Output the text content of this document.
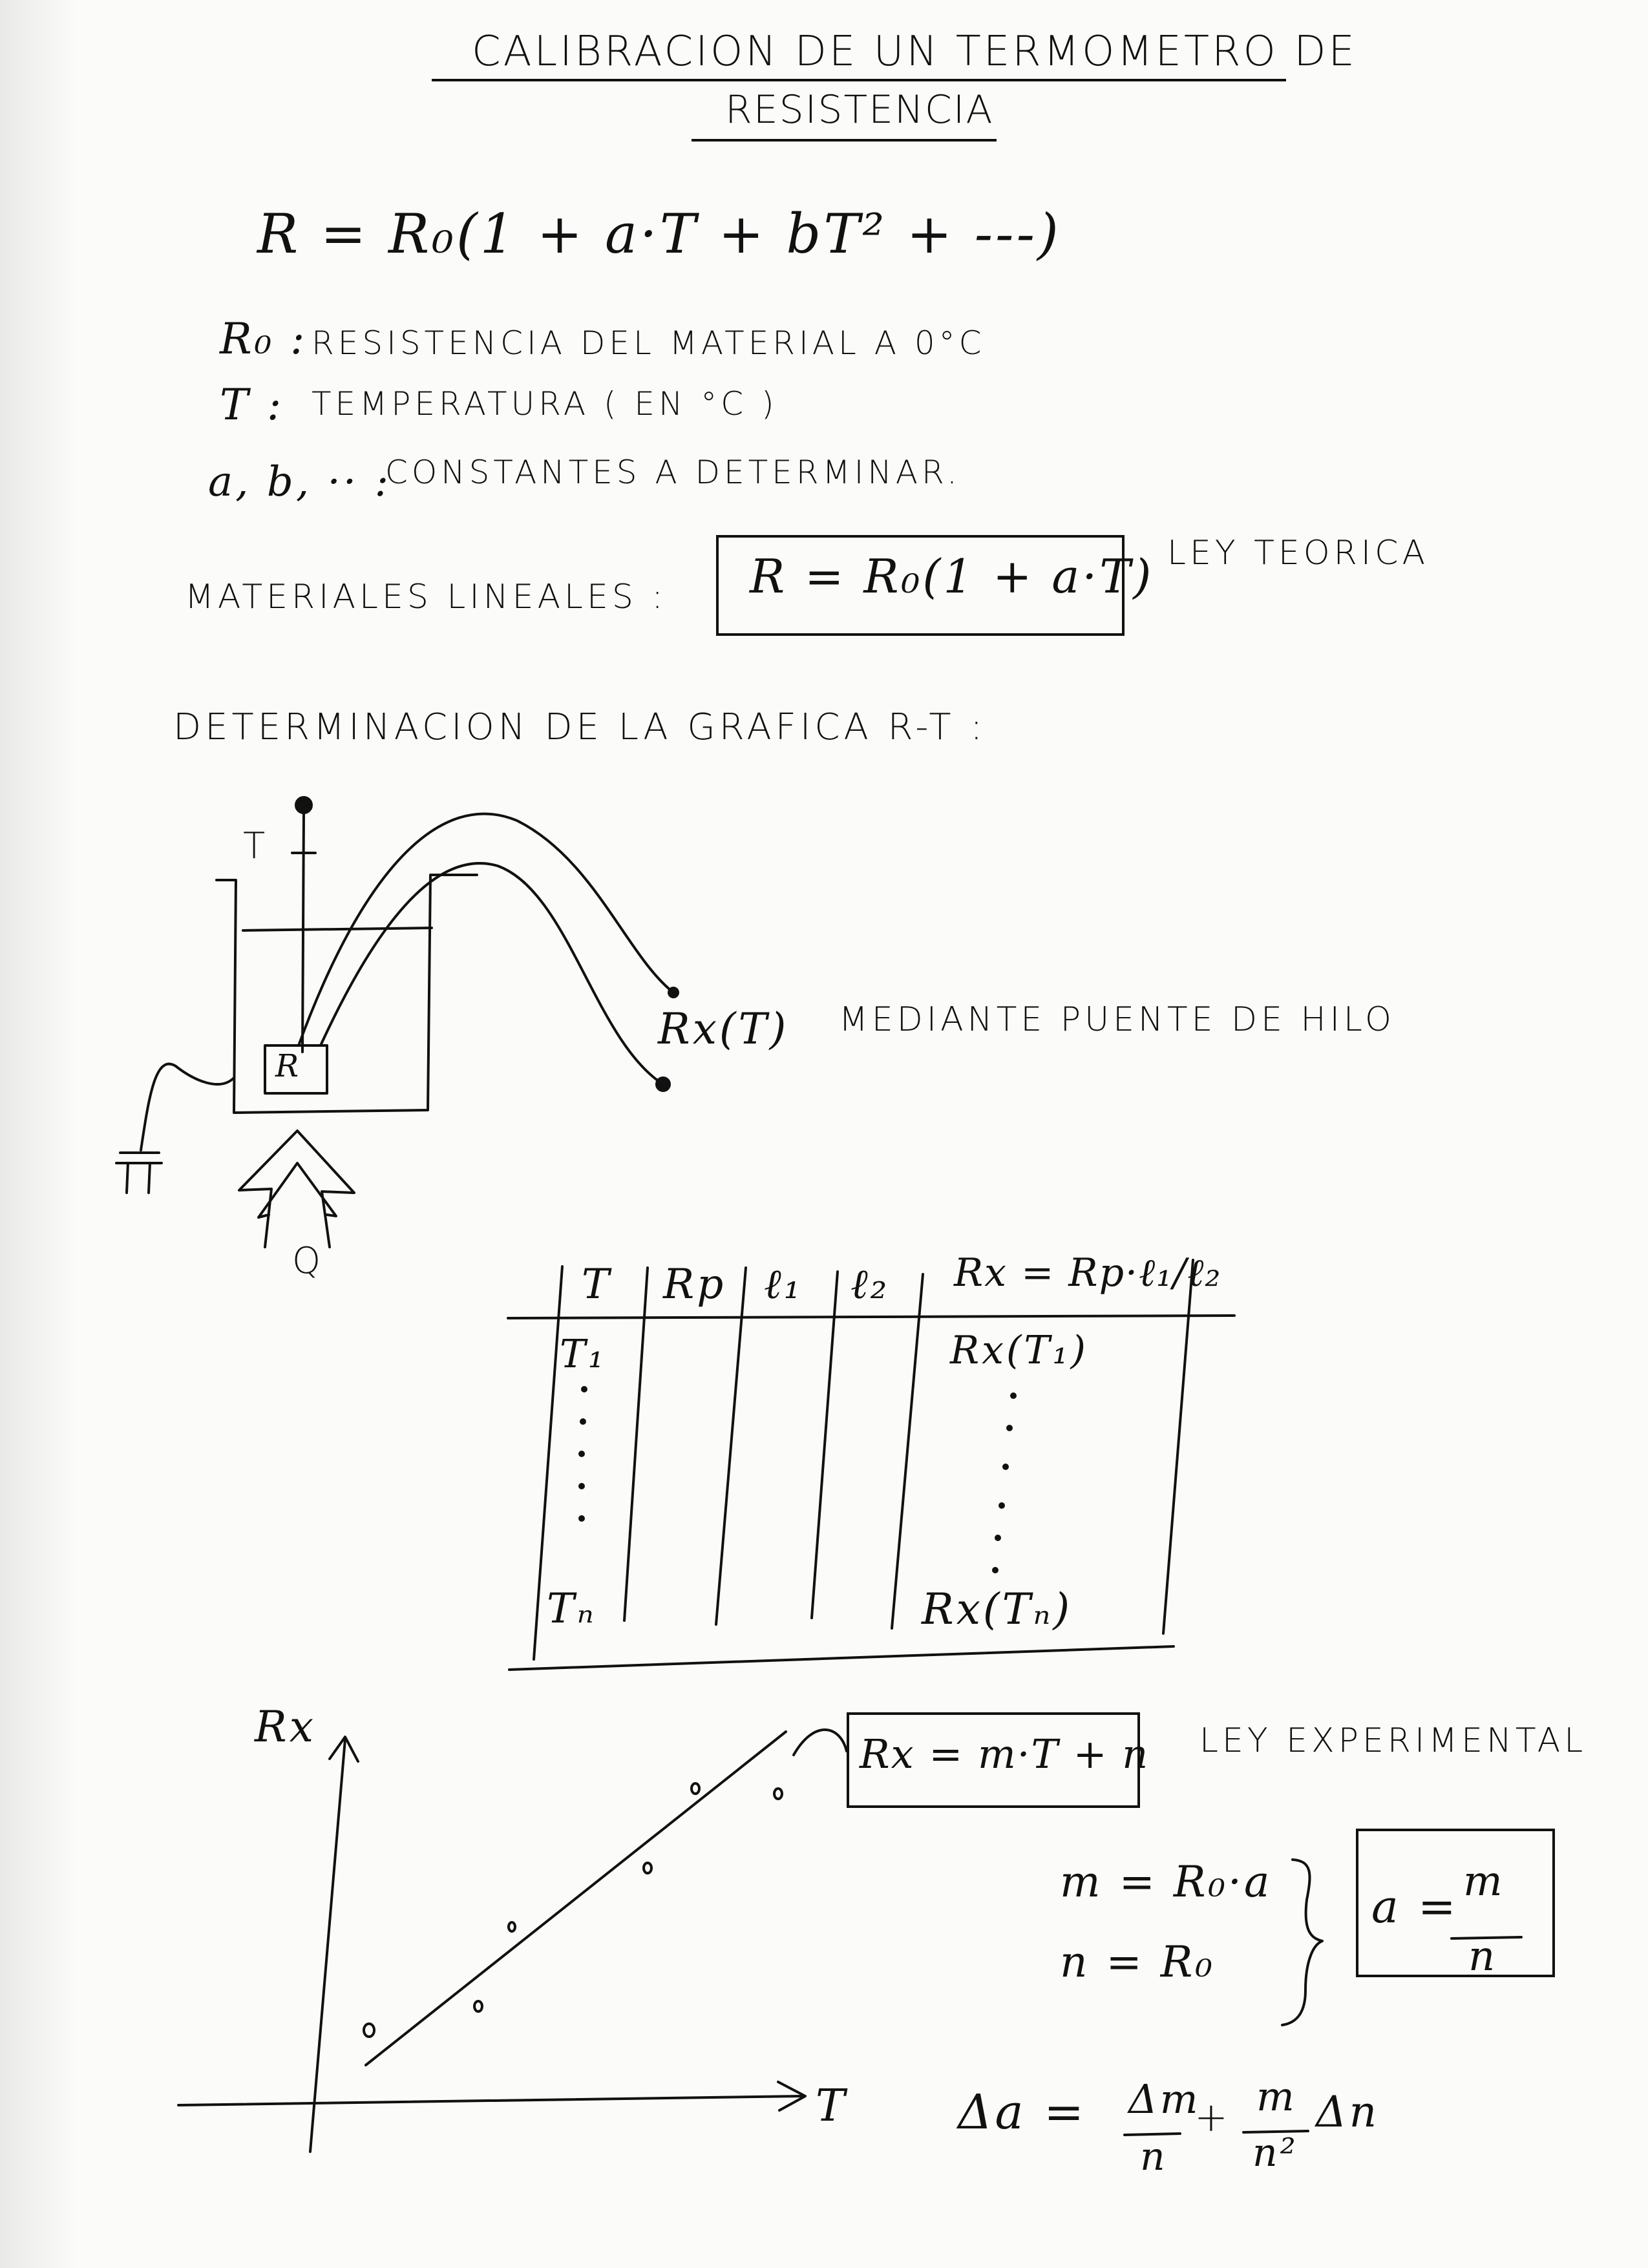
CALIBRACION DE UN TERMOMETRO DE
RESISTENCIA
R = R₀(1 + a·T + bT² + ---)
R₀ : RESISTENCIA DEL MATERIAL A 0°C
T : TEMPERATURA ( EN °C )
a, b, ·· :
CONSTANTES A DETERMINAR.
MATERIALES LINEALES : R = R₀(1 + a·T) LEY TEORICA
DETERMINACION DE LA GRAFICA R-T :
T
R
Q
Rx(T) MEDIANTE PUENTE DE HILO
T Rp ℓ₁ ℓ₂ Rx = Rp·ℓ₁/ℓ₂
T₁	Rx(T₁)
Tₙ	Rx(Tₙ)
Rx
T
Rx = m·T + n LEY EXPERIMENTAL
m = R₀·a
n = R₀
a = m
n
Δa = Δm
n
+ m
n²
Δn
